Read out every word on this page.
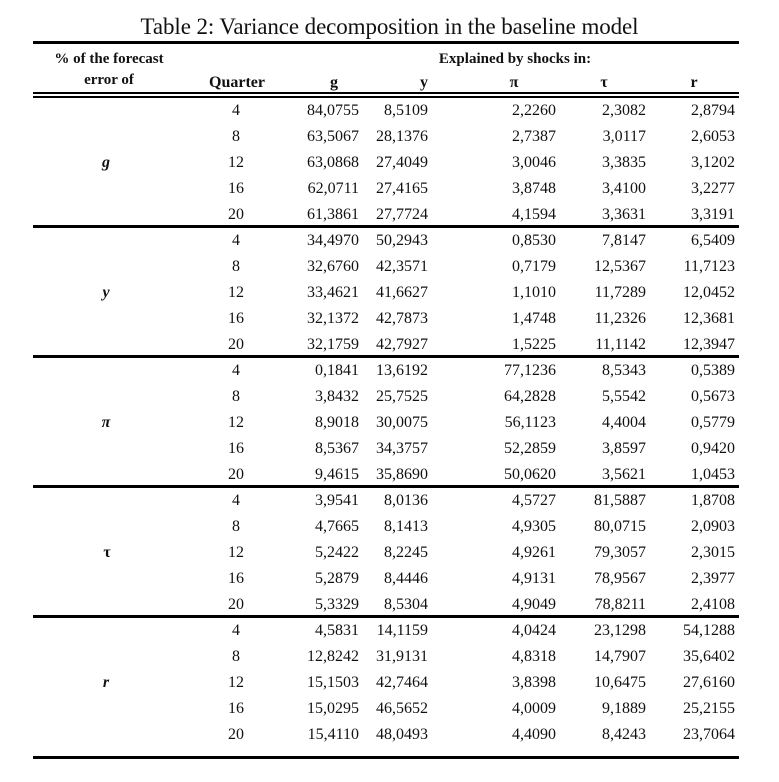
Table 2: Variance decomposition in the baseline model
% of the forecast
error of	Quarter
Explained by shocks in:
g	y	π	τ	r
g
4	84,0755	8,5109	2,2260	2,3082	2,8794
8	63,5067	28,1376	2,7387	3,0117	2,6053
12	63,0868	27,4049	3,0046	3,3835	3,1202
16	62,0711	27,4165	3,8748	3,4100	3,2277
20	61,3861	27,7724	4,1594	3,3631	3,3191
y
4	34,4970	50,2943	0,8530	7,8147	6,5409
8	32,6760	42,3571	0,7179	12,5367	11,7123
12	33,4621	41,6627	1,1010	11,7289	12,0452
16	32,1372	42,7873	1,4748	11,2326	12,3681
20	32,1759	42,7927	1,5225	11,1142	12,3947
π
4	0,1841	13,6192	77,1236	8,5343	0,5389
8	3,8432	25,7525	64,2828	5,5542	0,5673
12	8,9018	30,0075	56,1123	4,4004	0,5779
16	8,5367	34,3757	52,2859	3,8597	0,9420
20	9,4615	35,8690	50,0620	3,5621	1,0453
τ
4	3,9541	8,0136	4,5727	81,5887	1,8708
8	4,7665	8,1413	4,9305	80,0715	2,0903
12	5,2422	8,2245	4,9261	79,3057	2,3015
16	5,2879	8,4446	4,9131	78,9567	2,3977
20	5,3329	8,5304	4,9049	78,8211	2,4108
r
4	4,5831	14,1159	4,0424	23,1298	54,1288
8	12,8242	31,9131	4,8318	14,7907	35,6402
12	15,1503	42,7464	3,8398	10,6475	27,6160
16	15,0295	46,5652	4,0009	9,1889	25,2155
20	15,4110	48,0493	4,4090	8,4243	23,7064
